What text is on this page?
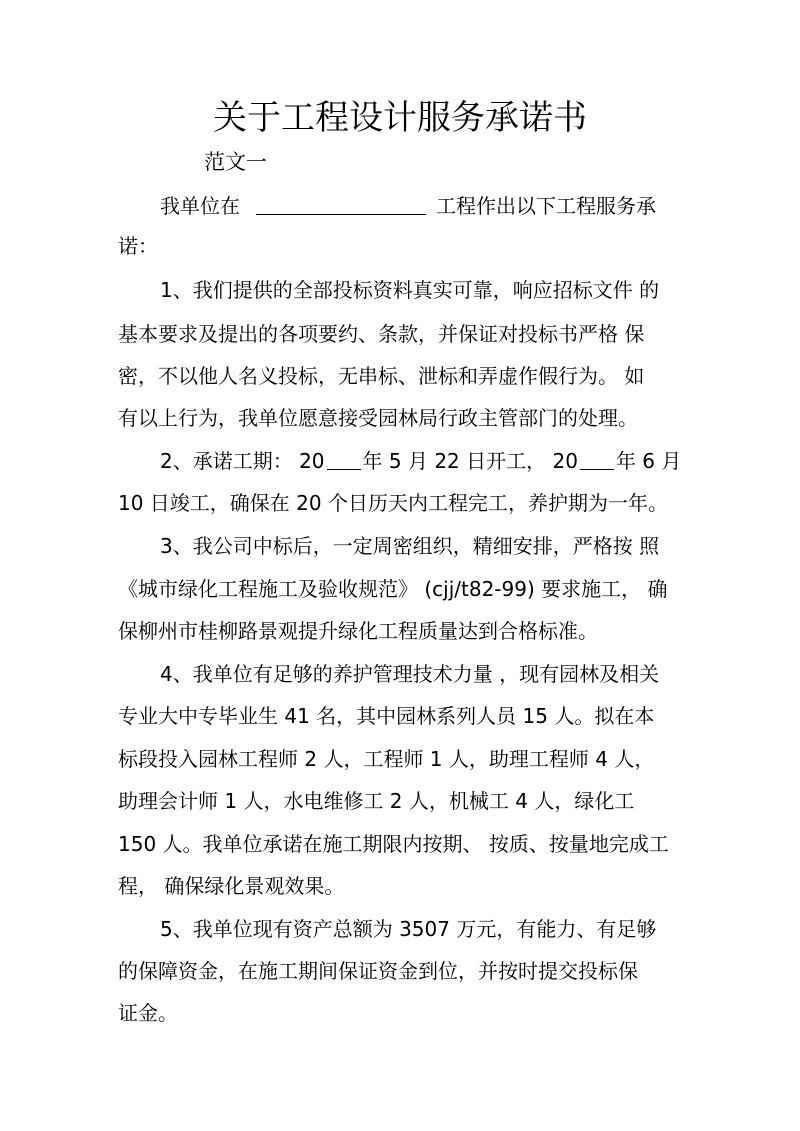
关于工程设计服务承诺书

范文一

我单位在	工程作出以下工程服务承

诺：

1、我们提供的全部投标资料真实可靠，响应招标文件 的

基本要求及提出的各项要约、条款，并保证对投标书严格 保

密，不以他人名义投标，无串标、泄标和弄虚作假行为。 如

有以上行为，我单位愿意接受园林局行政主管部门的处理。

2、承诺工期： 20 年 5 月 22 日开工， 20 年 6 月

10 日竣工，确保在 20 个日历天内工程完工，养护期为一年。

3、我公司中标后，一定周密组织，精细安排，严格按 照

《城市绿化工程施工及验收规范》 (cjj/t82-99) 要求施工， 确

保柳州市桂柳路景观提升绿化工程质量达到合格标准。

4、我单位有足够的养护管理技术力量 ，现有园林及相关

专业大中专毕业生 41 名，其中园林系列人员 15 人。拟在本

标段投入园林工程师 2 人，工程师 1 人，助理工程师 4 人，

助理会计师 1 人，水电维修工 2 人，机械工 4 人，绿化工

150 人。我单位承诺在施工期限内按期、 按质、按量地完成工

程， 确保绿化景观效果。

5、我单位现有资产总额为 3507 万元，有能力、有足够

的保障资金，在施工期间保证资金到位，并按时提交投标保

证金。
